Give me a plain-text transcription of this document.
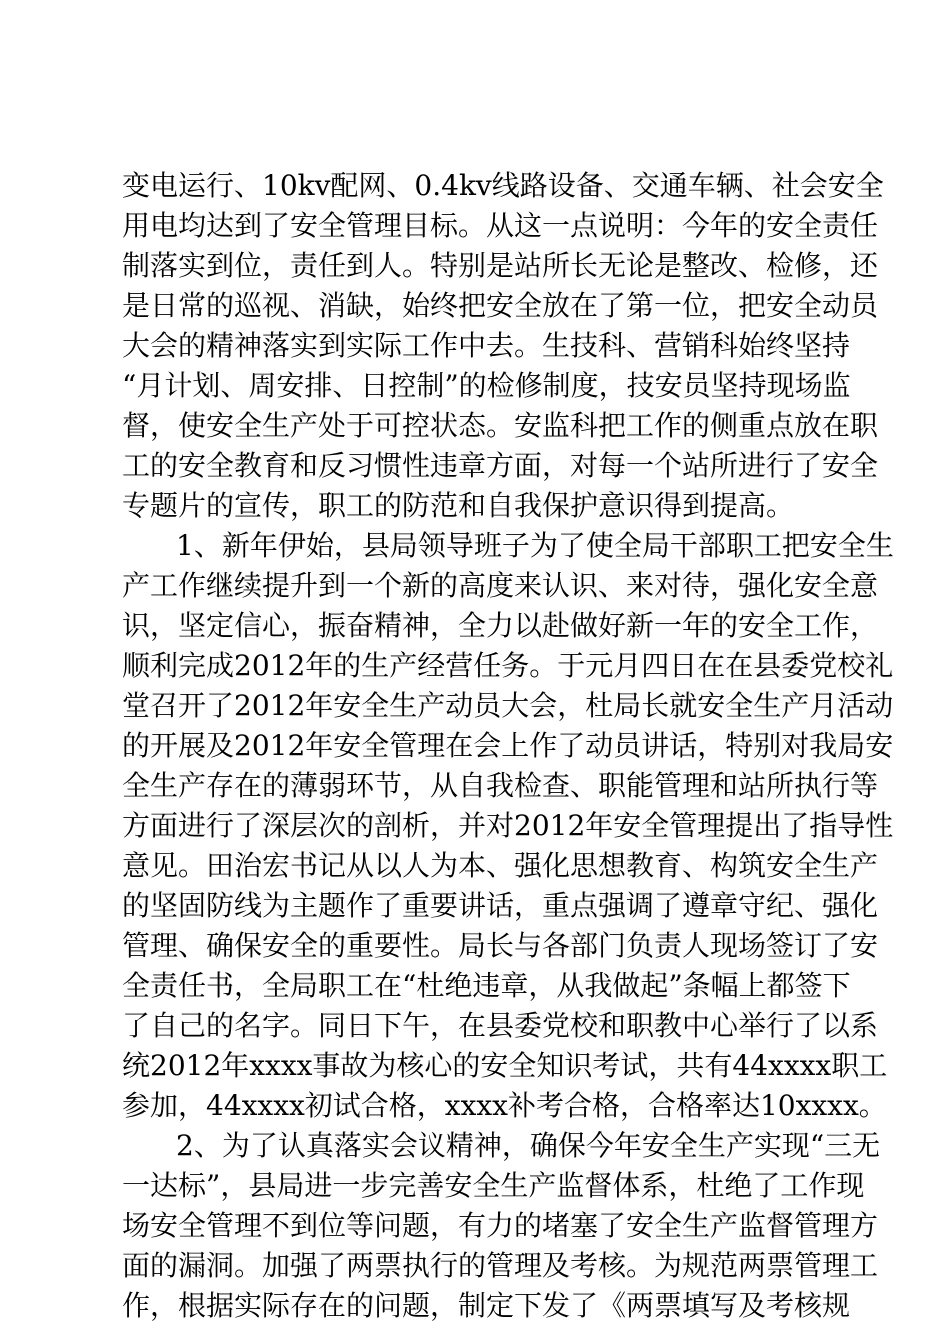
变电运行、10kv配网、0.4kv线路设备、交通车辆、社会安全
用电均达到了安全管理目标。从这一点说明：今年的安全责任
制落实到位，责任到人。特别是站所长无论是整改、检修，还
是日常的巡视、消缺，始终把安全放在了第一位，把安全动员
大会的精神落实到实际工作中去。生技科、营销科始终坚持
“月计划、周安排、日控制”的检修制度，技安员坚持现场监
督，使安全生产处于可控状态。安监科把工作的侧重点放在职
工的安全教育和反习惯性违章方面，对每一个站所进行了安全
专题片的宣传，职工的防范和自我保护意识得到提高。
1、新年伊始，县局领导班子为了使全局干部职工把安全生
产工作继续提升到一个新的高度来认识、来对待，强化安全意
识，坚定信心，振奋精神，全力以赴做好新一年的安全工作，
顺利完成2012年的生产经营任务。于元月四日在在县委党校礼
堂召开了2012年安全生产动员大会，杜局长就安全生产月活动
的开展及2012年安全管理在会上作了动员讲话，特别对我局安
全生产存在的薄弱环节，从自我检查、职能管理和站所执行等
方面进行了深层次的剖析，并对2012年安全管理提出了指导性
意见。田治宏书记从以人为本、强化思想教育、构筑安全生产
的坚固防线为主题作了重要讲话，重点强调了遵章守纪、强化
管理、确保安全的重要性。局长与各部门负责人现场签订了安
全责任书，全局职工在“杜绝违章，从我做起”条幅上都签下
了自己的名字。同日下午，在县委党校和职教中心举行了以系
统2012年xxxx事故为核心的安全知识考试，共有44xxxx职工
参加，44xxxx初试合格，xxxx补考合格，合格率达10xxxx。
2、为了认真落实会议精神，确保今年安全生产实现“三无
一达标”，县局进一步完善安全生产监督体系，杜绝了工作现
场安全管理不到位等问题，有力的堵塞了安全生产监督管理方
面的漏洞。加强了两票执行的管理及考核。为规范两票管理工
作，根据实际存在的问题，制定下发了《两票填写及考核规
